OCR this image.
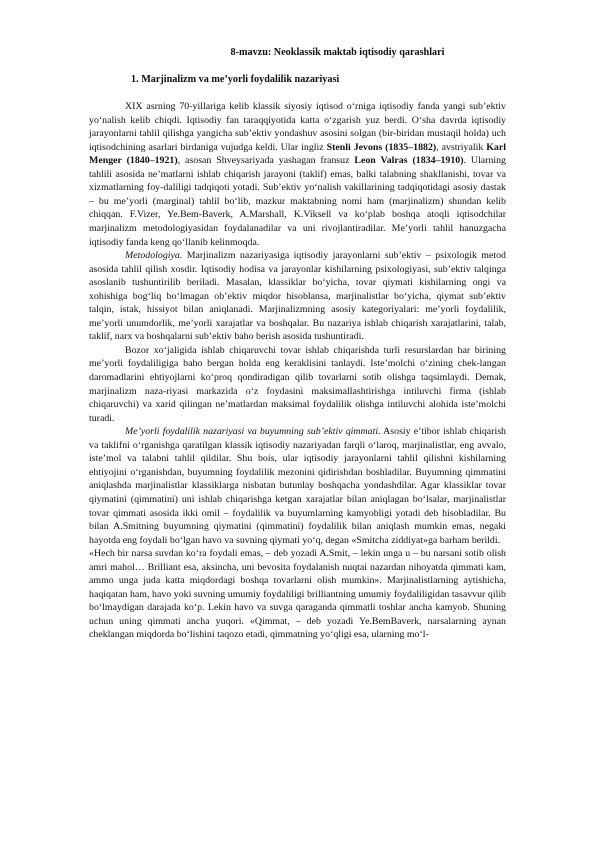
8-mavzu: Neoklassik maktab iqtisodiy qarashlari
1. Marjinalizm va me’yorli foydalilik nazariyasi

XIX asrning 70-yillariga kelib klassik siyosiy iqtisod o‘rniga iqtisodiy fanda yangi sub’ektiv yo‘nalish kelib chiqdi. Iqtisodiy fan taraqqiyotida katta o‘zgarish yuz berdi. O‘sha davrda iqtisodiy jarayonlarni tahlil qilishga yangicha sub’ektiv yondashuv asosini solgan (bir-biridan mustaqil holda) uch iqtisodchining asarlari birdaniga vujudga keldi. Ular ingliz Stenli Jevons (1835–1882), avstriyalik Karl Menger (1840–1921), asosan Shveysariyada yashagan fransuz Leon Valras (1834–1910). Ularning tahlili asosida ne’matlarni ishlab chiqarish jarayoni (taklif) emas, balki talabning shakllanishi, tovar va xizmatlarning foy-daliligi tadqiqoti yotadi. Sub’ektiv yo‘nalish vakillarining tadqiqotidagi asosiy dastak – bu me’yorli (marginal) tahlil bo‘lib, mazkur maktabning nomi ham (marjinalizm) shundan kelib chiqqan. F.Vizer, Ye.Bem-Baverk, A.Marshall, K.Viksell va ko‘plab boshqa atoqli iqtisodchilar marjinalizm metodologiyasidan foydalanadilar va uni rivojlantiradilar. Me’yorli tahlil hanuzgacha iqtisodiy fanda keng qo‘llanib kelinmoqda.

Metodologiya. Marjinalizm nazariyasiga iqtisodiy jarayonlarni sub’ektiv – psixologik metod asosida tahlil qilish xosdir. Iqtisodiy hodisa va jarayonlar kishilarning psixologiyasi, sub’ektiv talqinga asoslanib tushuntirilib beriladi. Masalan, klassiklar bo‘yicha, tovar qiymati kishilarning ongi va xohishiga bog‘liq bo‘lmagan ob’ektiv miqdor hisoblansa, marjinalistlar bo‘yicha, qiymat sub’ektiv talqin, istak, hissiyot bilan aniqlanadi. Marjinalizmning asosiy kategoriyalari: me’yorli foydalilik, me’yorli unumdorlik, me’yorli xarajatlar va boshqalar. Bu nazariya ishlab chiqarish xarajatlarini, talab, taklif, narx va boshqalarni sub’ektiv baho berish asosida tushuntiradi.

Bozor xo‘jaligida ishlab chiqaruvchi tovar ishlab chiqarishda turli resurslardan har birining me’yorli foydaliligiga baho bergan holda eng keraklisini tanlaydi. Iste’molchi o‘zining chek-langan daromadlarini ehtiyojlarni ko‘proq qondiradigan qilib tovarlarni sotib olishga taqsimlaydi. Demak, marjinalizm naza-riyasi markazida o‘z foydasini maksimallashtirishga intiluvchi firma (ishlab chiqaruvchi) va xarid qilingan ne’matlardan maksimal foydalilik olishga intiluvchi alohida iste’molchi turadi.

Me’yorli foydalilik nazariyasi va buyumning sub’ektiv qimmati. Asosiy e’tibor ishlab chiqarish va taklifni o‘rganishga qaratilgan klassik iqtisodiy nazariyadan farqli o‘laroq, marjinalistlar, eng avvalo, iste’mol va talabni tahlil qildilar. Shu bois, ular iqtisodiy jarayonlarni tahlil qilishni kishilarning ehtiyojini o‘rganishdan, buyumning foydalilik mezonini qidirishdan boshladilar. Buyumning qimmatini aniqlashda marjinalistlar klassiklarga nisbatan butunlay boshqacha yondashdilar. Agar klassiklar tovar qiymatini (qimmatini) uni ishlab chiqarishga ketgan xarajatlar bilan aniqlagan bo‘lsalar, marjinalistlar tovar qimmati asosida ikki omil – foydalilik va buyumlarning kamyobligi yotadi deb hisobladilar. Bu bilan A.Smitning buyumning qiymatini (qimmatini) foydalilik bilan aniqlash mumkin emas, negaki hayotda eng foydali bo‘lgan havo va suvning qiymati yo‘q, degan «Smitcha ziddiyat»ga barham berildi.

«Hech bir narsa suvdan ko‘ra foydali emas, – deb yozadi A.Smit, – lekin unga u – bu narsani sotib olish amri mahol… Brilliant esa, aksincha, uni bevosita foydalanish nuqtai nazardan nihoyatda qimmati kam, ammo unga juda katta miqdordagi boshqa tovarlarni olish mumkin». Marjinalistlarning aytishicha, haqiqatan ham, havo yoki suvning umumiy foydaliligi brilliantning umumiy foydaliligidan tasavvur qilib bo‘lmaydigan darajada ko‘p. Lekin havo va suvga qaraganda qimmatli toshlar ancha kamyob. Shuning uchun uning qimmati ancha yuqori. «Qimmat, – deb yozadi Ye.BemBaverk, narsalarning aynan cheklangan miqdorda bo‘lishini taqozo etadi, qimmatning yo‘qligi esa, ularning mo‘l-
